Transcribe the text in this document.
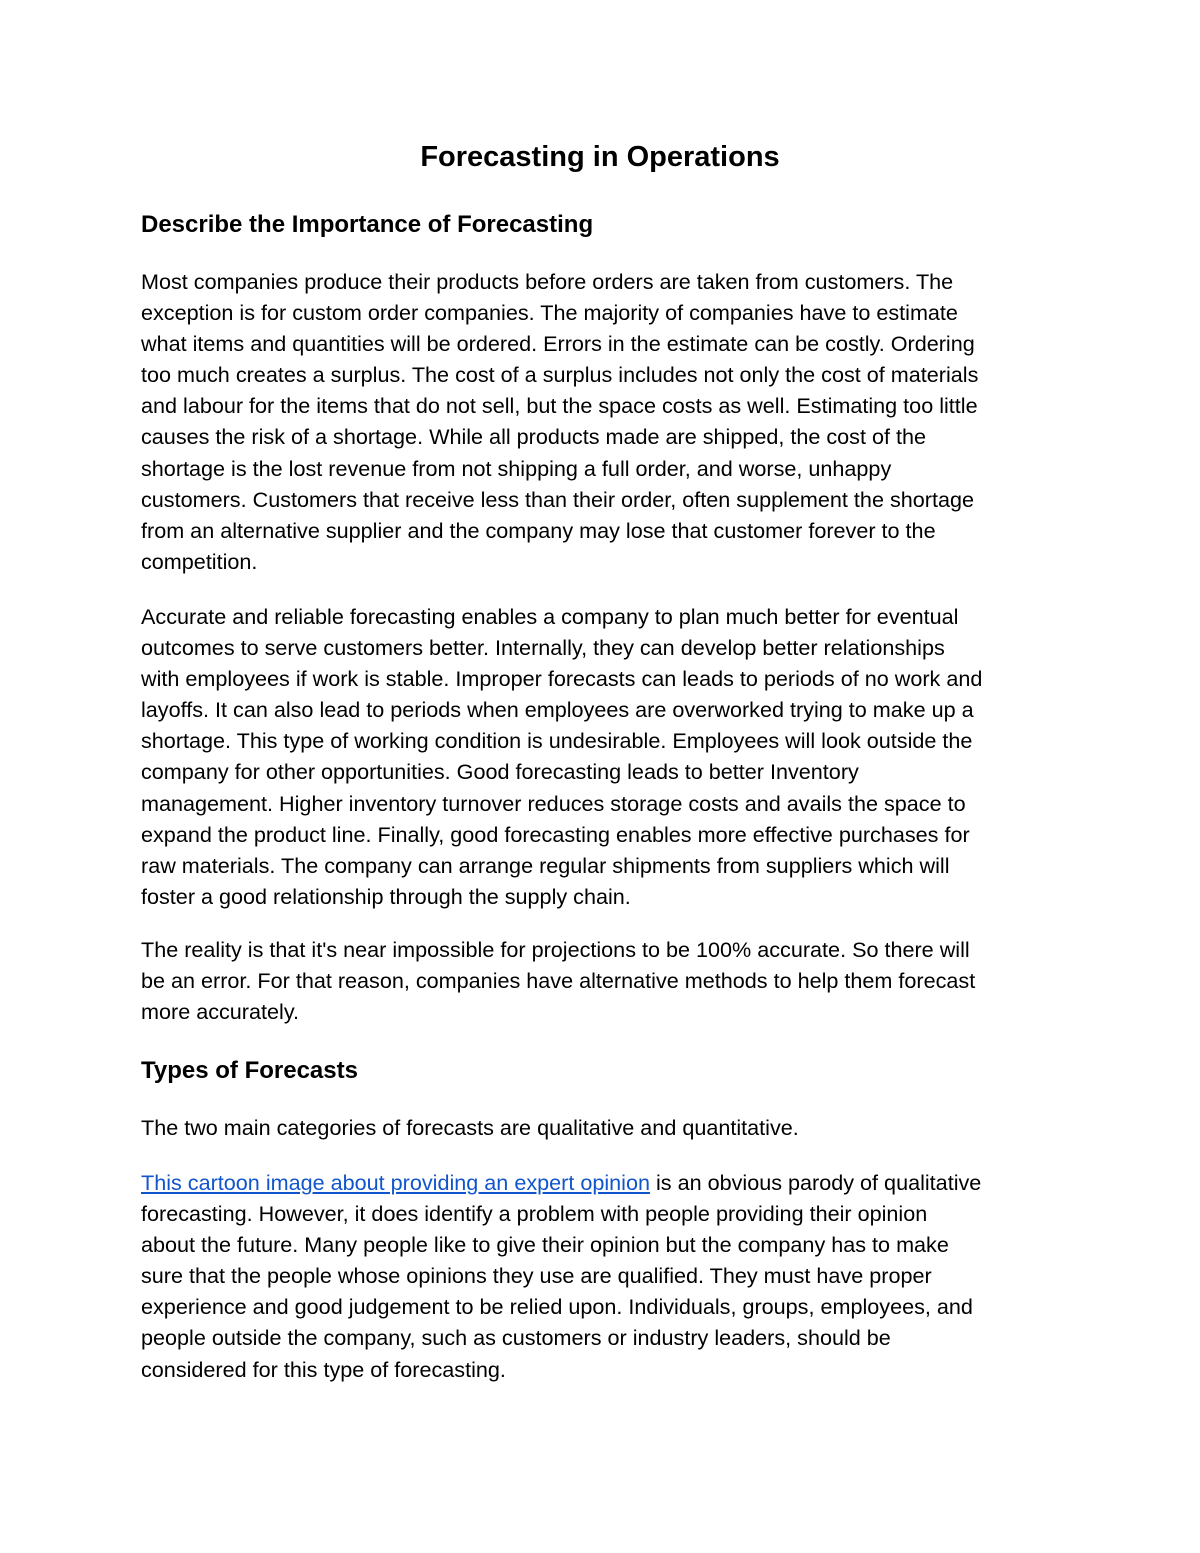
Forecasting in Operations
Describe the Importance of Forecasting
Most companies produce their products before orders are taken from customers. The
exception is for custom order companies. The majority of companies have to estimate
what items and quantities will be ordered. Errors in the estimate can be costly. Ordering
too much creates a surplus. The cost of a surplus includes not only the cost of materials
and labour for the items that do not sell, but the space costs as well. Estimating too little
causes the risk of a shortage. While all products made are shipped, the cost of the
shortage is the lost revenue from not shipping a full order, and worse, unhappy
customers. Customers that receive less than their order, often supplement the shortage
from an alternative supplier and the company may lose that customer forever to the
competition.
Accurate and reliable forecasting enables a company to plan much better for eventual
outcomes to serve customers better. Internally, they can develop better relationships
with employees if work is stable. Improper forecasts can leads to periods of no work and
layoffs. It can also lead to periods when employees are overworked trying to make up a
shortage. This type of working condition is undesirable. Employees will look outside the
company for other opportunities. Good forecasting leads to better Inventory
management. Higher inventory turnover reduces storage costs and avails the space to
expand the product line. Finally, good forecasting enables more effective purchases for
raw materials. The company can arrange regular shipments from suppliers which will
foster a good relationship through the supply chain.
The reality is that it's near impossible for projections to be 100% accurate. So there will
be an error. For that reason, companies have alternative methods to help them forecast
more accurately.
Types of Forecasts
The two main categories of forecasts are qualitative and quantitative.
This cartoon image about providing an expert opinion is an obvious parody of qualitative
forecasting. However, it does identify a problem with people providing their opinion
about the future. Many people like to give their opinion but the company has to make
sure that the people whose opinions they use are qualified. They must have proper
experience and good judgement to be relied upon. Individuals, groups, employees, and
people outside the company, such as customers or industry leaders, should be
considered for this type of forecasting.
